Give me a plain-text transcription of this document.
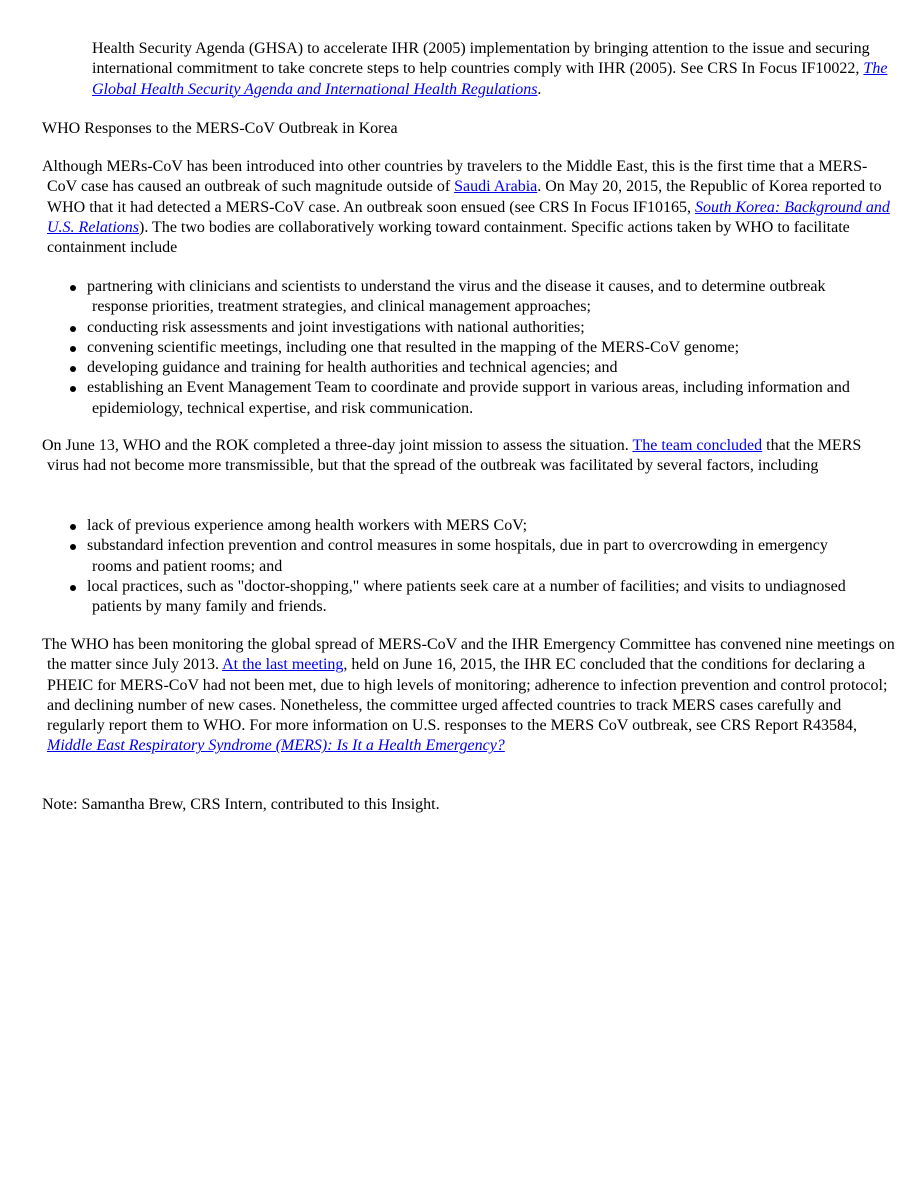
Health Security Agenda (GHSA) to accelerate IHR (2005) implementation by bringing attention to the issue and securing international commitment to take concrete steps to help countries comply with IHR (2005). See CRS In Focus IF10022, The Global Health Security Agenda and International Health Regulations.

WHO Responses to the MERS-CoV Outbreak in Korea

Although MERs-CoV has been introduced into other countries by travelers to the Middle East, this is the first time that a MERS-CoV case has caused an outbreak of such magnitude outside of Saudi Arabia. On May 20, 2015, the Republic of Korea reported to WHO that it had detected a MERS-CoV case. An outbreak soon ensued (see CRS In Focus IF10165, South Korea: Background and U.S. Relations). The two bodies are collaboratively working toward containment. Specific actions taken by WHO to facilitate containment include

partnering with clinicians and scientists to understand the virus and the disease it causes, and to determine outbreak response priorities, treatment strategies, and clinical management approaches;
conducting risk assessments and joint investigations with national authorities;
convening scientific meetings, including one that resulted in the mapping of the MERS-CoV genome;
developing guidance and training for health authorities and technical agencies; and
establishing an Event Management Team to coordinate and provide support in various areas, including information and epidemiology, technical expertise, and risk communication.

On June 13, WHO and the ROK completed a three-day joint mission to assess the situation. The team concluded that the MERS virus had not become more transmissible, but that the spread of the outbreak was facilitated by several factors, including

lack of previous experience among health workers with MERS CoV;
substandard infection prevention and control measures in some hospitals, due in part to overcrowding in emergency rooms and patient rooms; and
local practices, such as "doctor-shopping," where patients seek care at a number of facilities; and visits to undiagnosed patients by many family and friends.

The WHO has been monitoring the global spread of MERS-CoV and the IHR Emergency Committee has convened nine meetings on the matter since July 2013. At the last meeting, held on June 16, 2015, the IHR EC concluded that the conditions for declaring a PHEIC for MERS-CoV had not been met, due to high levels of monitoring; adherence to infection prevention and control protocol; and declining number of new cases. Nonetheless, the committee urged affected countries to track MERS cases carefully and regularly report them to WHO. For more information on U.S. responses to the MERS CoV outbreak, see CRS Report R43584, Middle East Respiratory Syndrome (MERS): Is It a Health Emergency?

Note: Samantha Brew, CRS Intern, contributed to this Insight.
